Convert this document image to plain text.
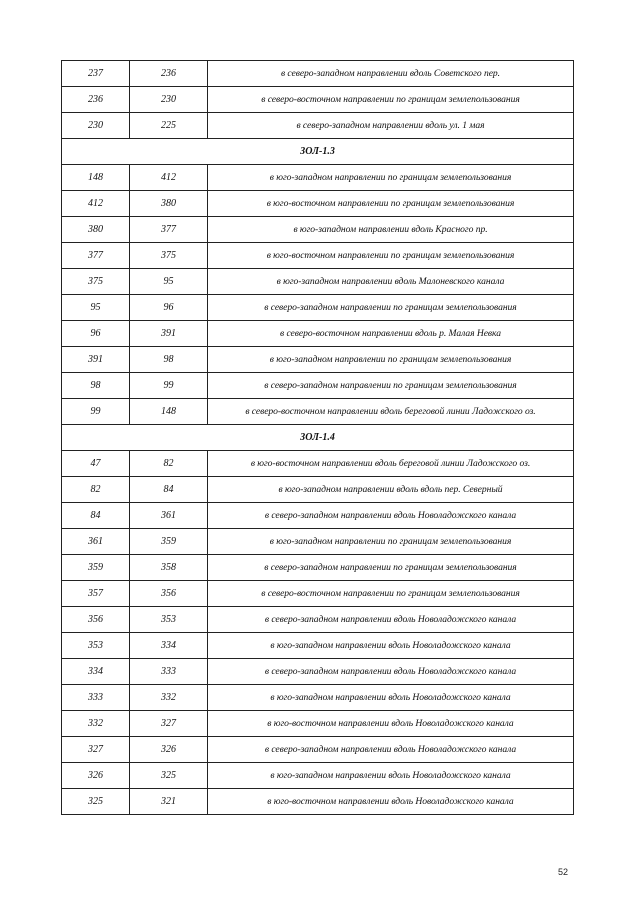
237	236	в северо-западном направлении вдоль Советского пер.
236	230	в северо-восточном направлении по границам землепользования
230	225	в северо-западном направлении вдоль ул. 1 мая
ЗОЛ-1.3		
148	412	в юго-западном направлении по границам землепользования
412	380	в юго-восточном направлении по границам землепользования
380	377	в юго-западном направлении вдоль Красного пр.
377	375	в юго-восточном направлении по границам землепользования
375	95	в юго-западном направлении вдоль Малоневского канала
95	96	в северо-западном направлении по границам землепользования
96	391	в северо-восточном направлении вдоль р. Малая Невка
391	98	в юго-западном направлении по границам землепользования
98	99	в северо-западном направлении по границам землепользования
99	148	в северо-восточном направлении вдоль береговой линии Ладожского оз.
ЗОЛ-1.4		
47	82	в юго-восточном направлении вдоль береговой линии Ладожского оз.
82	84	в юго-западном направлении вдоль вдоль пер. Северный
84	361	в северо-западном направлении вдоль Новоладожского канала
361	359	в юго-западном направлении по границам землепользования
359	358	в северо-западном направлении по границам землепользования
357	356	в северо-восточном направлении по границам землепользования
356	353	в северо-западном направлении вдоль Новоладожского канала
353	334	в юго-западном направлении вдоль Новоладожского канала
334	333	в северо-западном направлении вдоль Новоладожского канала
333	332	в юго-западном направлении вдоль Новоладожского канала
332	327	в юго-восточном направлении вдоль Новоладожского канала
327	326	в северо-западном направлении вдоль Новоладожского канала
326	325	в юго-западном направлении вдоль Новоладожского канала
325	321	в юго-восточном направлении вдоль Новоладожского канала
52
